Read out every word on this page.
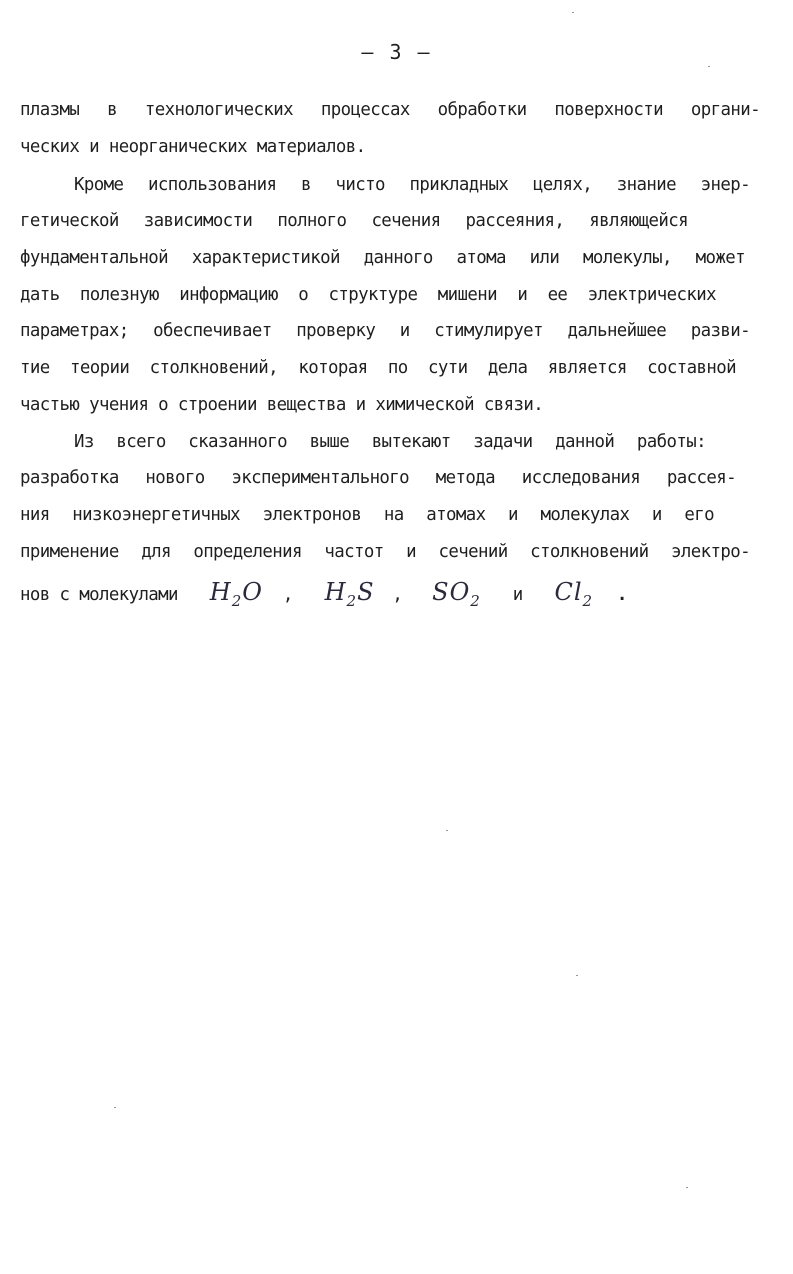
– 3 –
плазмы в технологических процессах обработки поверхности органи-
ческих и неорганических материалов.
Кроме использования в чисто прикладных целях, знание энер-
гетической зависимости полного сечения рассеяния, являющейся
фундаментальной характеристикой данного атома или молекулы, может
дать полезную информацию о структуре мишени и ее электрических
параметрах; обеспечивает проверку и стимулирует дальнейшее разви-
тие теории столкновений, которая по сути дела является составной
частью учения о строении вещества и химической связи.
Из всего сказанного выше вытекают задачи данной работы:
разработка нового экспериментального метода исследования рассея-
ния низкоэнергетичных электронов на атомах и молекулах и его
применение для определения частот и сечений столкновений электро-
нов с молекулами $H_2O$ , $H_2S$ , $SO_2$ и $Cl_2$ .
